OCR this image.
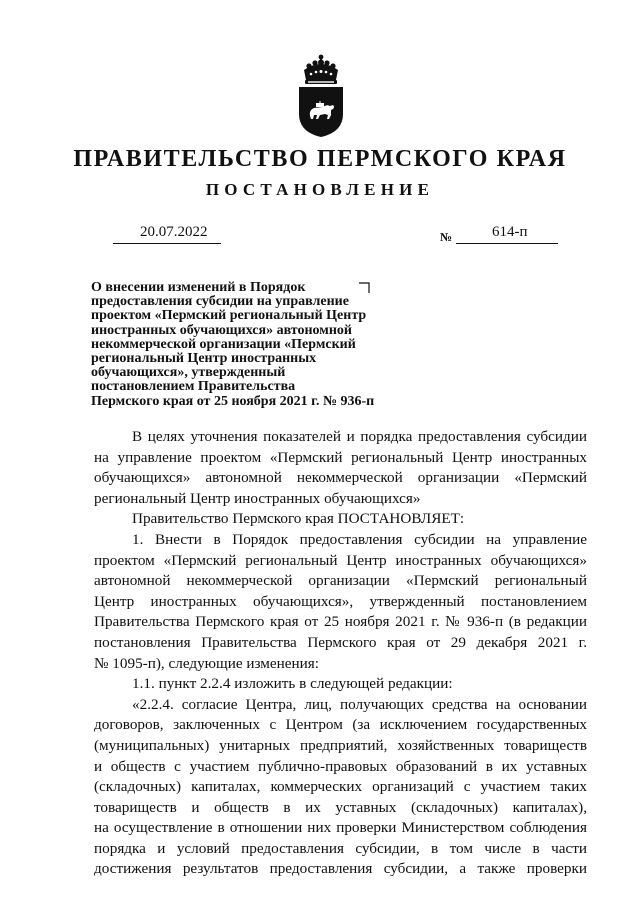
ПРАВИТЕЛЬСТВО ПЕРМСКОГО КРАЯ
ПОСТАНОВЛЕНИЕ
20.07.2022	№	614-п
О внесении изменений в Порядок
предоставления субсидии на управление
проектом «Пермский региональный Центр
иностранных обучающихся» автономной
некоммерческой организации «Пермский
региональный Центр иностранных
обучающихся», утвержденный
постановлением Правительства
Пермского края от 25 ноября 2021 г. № 936-п

В целях уточнения показателей и порядка предоставления субсидии

на управление проектом «Пермский региональный Центр иностранных

обучающихся» автономной некоммерческой организации «Пермский

региональный Центр иностранных обучающихся»

Правительство Пермского края ПОСТАНОВЛЯЕТ:

1. Внести в Порядок предоставления субсидии на управление

проектом «Пермский региональный Центр иностранных обучающихся»

автономной некоммерческой организации «Пермский региональный

Центр иностранных обучающихся», утвержденный постановлением

Правительства Пермского края от 25 ноября 2021 г. № 936-п (в редакции

постановления Правительства Пермского края от 29 декабря 2021 г.

№ 1095-п), следующие изменения:

1.1. пункт 2.2.4 изложить в следующей редакции:

«2.2.4. согласие Центра, лиц, получающих средства на основании

договоров, заключенных с Центром (за исключением государственных

(муниципальных) унитарных предприятий, хозяйственных товариществ

и обществ с участием публично-правовых образований в их уставных

(складочных) капиталах, коммерческих организаций с участием таких

товариществ и обществ в их уставных (складочных) капиталах),

на осуществление в отношении них проверки Министерством соблюдения

порядка и условий предоставления субсидии, в том числе в части

достижения результатов предоставления субсидии, а также проверки
